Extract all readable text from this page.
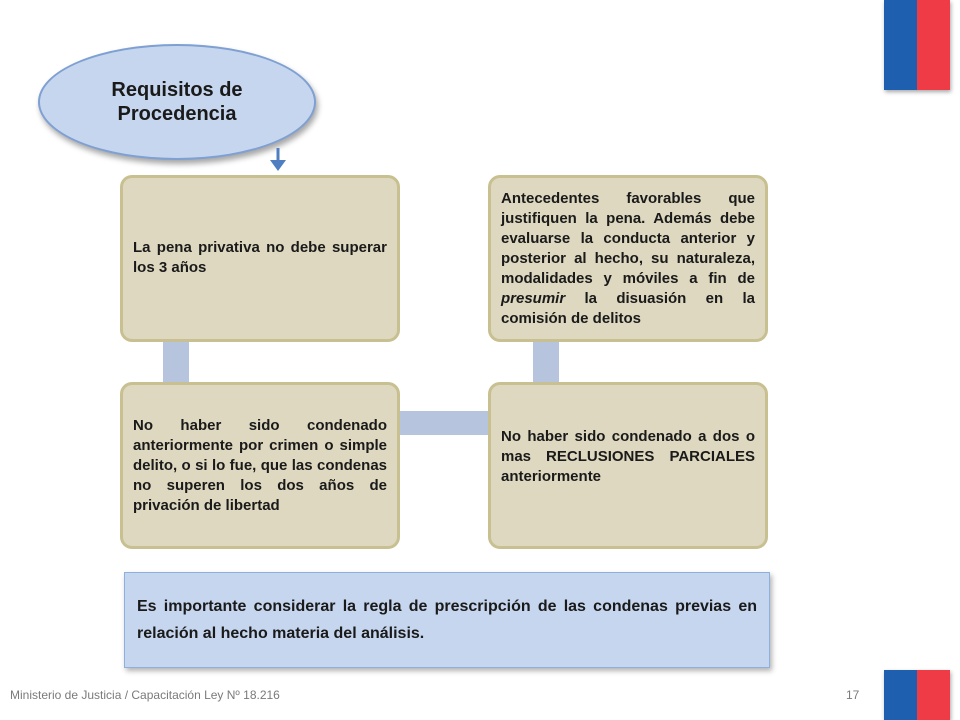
Requisitos de
Procedencia

La pena privativa no debe superar los 3 años

Antecedentes favorables que justifiquen la pena. Además debe evaluarse la conducta anterior y posterior al hecho, su naturaleza, modalidades y móviles a fin de presumir la disuasión en la comisión de delitos

No haber sido condenado anteriormente por crimen o simple delito, o si lo fue, que las condenas no superen los dos años de privación de libertad

No haber sido condenado a dos o mas RECLUSIONES PARCIALES anteriormente

Es importante considerar la regla de prescripción de las condenas previas en relación al hecho materia del análisis.

Ministerio de Justicia / Capacitación Ley Nº 18.216	17
